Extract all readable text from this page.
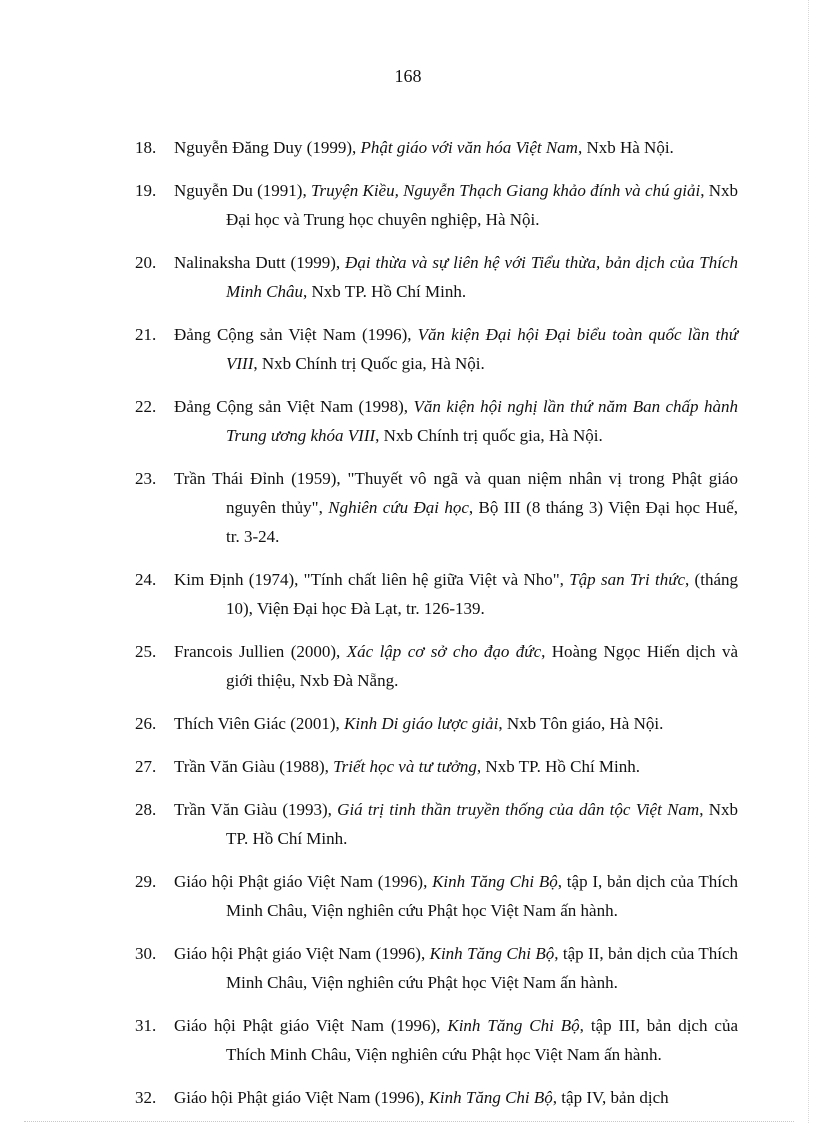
168
18.	Nguyễn Đăng Duy (1999), Phật giáo với văn hóa Việt Nam, Nxb Hà Nội.
19.	Nguyễn Du (1991), Truyện Kiều, Nguyễn Thạch Giang khảo đính và chú giải, Nxb Đại học và Trung học chuyên nghiệp, Hà Nội.
20.	Nalinaksha Dutt (1999), Đại thừa và sự liên hệ với Tiểu thừa, bản dịch của Thích Minh Châu, Nxb TP. Hồ Chí Minh.
21.	Đảng Cộng sản Việt Nam (1996), Văn kiện Đại hội Đại biểu toàn quốc lần thứ VIII, Nxb Chính trị Quốc gia, Hà Nội.
22.	Đảng Cộng sản Việt Nam (1998), Văn kiện hội nghị lần thứ năm Ban chấp hành Trung ương khóa VIII, Nxb Chính trị quốc gia, Hà Nội.
23.	Trần Thái Đỉnh (1959), "Thuyết vô ngã và quan niệm nhân vị trong Phật giáo nguyên thủy", Nghiên cứu Đại học, Bộ III (8 tháng 3) Viện Đại học Huế, tr. 3-24.
24.	Kim Định (1974), "Tính chất liên hệ giữa Việt và Nho", Tập san Tri thức, (tháng 10), Viện Đại học Đà Lạt, tr. 126-139.
25.	Francois Jullien (2000), Xác lập cơ sở cho đạo đức, Hoàng Ngọc Hiến dịch và giới thiệu, Nxb Đà Nẵng.
26.	Thích Viên Giác (2001), Kinh Di giáo lược giải, Nxb Tôn giáo, Hà Nội.
27.	Trần Văn Giàu (1988), Triết học và tư tưởng, Nxb TP. Hồ Chí Minh.
28.	Trần Văn Giàu (1993), Giá trị tinh thần truyền thống của dân tộc Việt Nam, Nxb TP. Hồ Chí Minh.
29.	Giáo hội Phật giáo Việt Nam (1996), Kinh Tăng Chi Bộ, tập I, bản dịch của Thích Minh Châu, Viện nghiên cứu Phật học Việt Nam ấn hành.
30.	Giáo hội Phật giáo Việt Nam (1996), Kinh Tăng Chi Bộ, tập II, bản dịch của Thích Minh Châu, Viện nghiên cứu Phật học Việt Nam ấn hành.
31.	Giáo hội Phật giáo Việt Nam (1996), Kinh Tăng Chi Bộ, tập III, bản dịch của Thích Minh Châu, Viện nghiên cứu Phật học Việt Nam ấn hành.
32.	Giáo hội Phật giáo Việt Nam (1996), Kinh Tăng Chi Bộ, tập IV, bản dịch
